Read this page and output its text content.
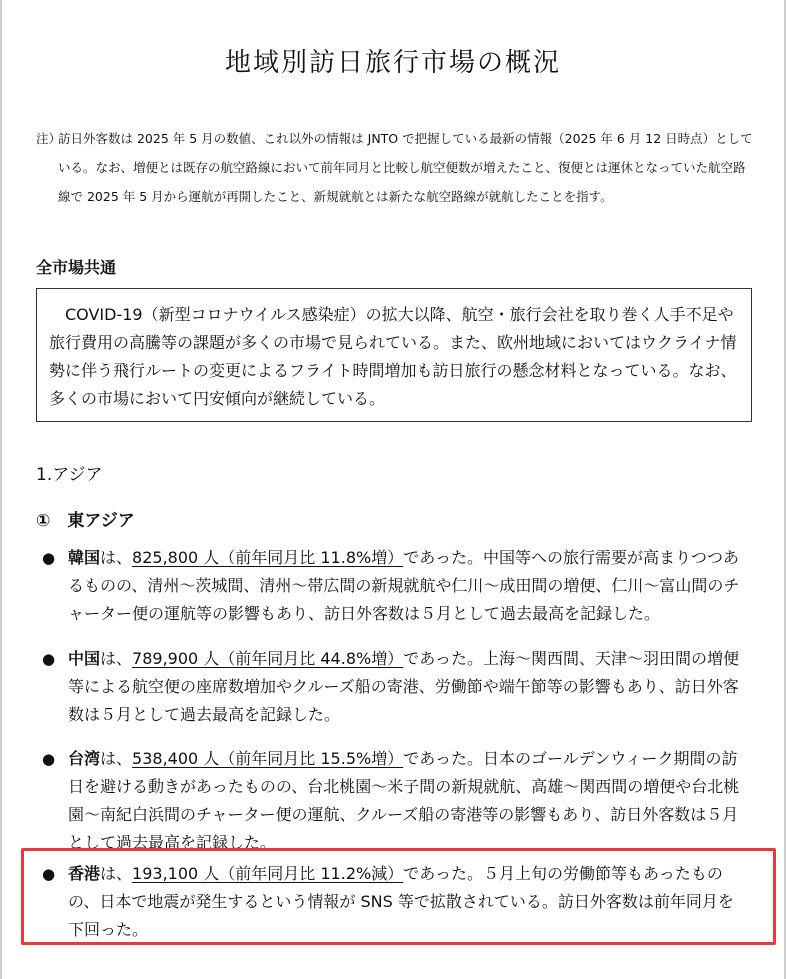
地域別訪日旅行市場の概況
注）
訪日外客数は 2025 年 5 月の数値、これ以外の情報は JNTO で把握している最新の情報（2025 年 6 月 12 日時点）としている。なお、増便とは既存の航空路線において前年同月と比較し航空便数が増えたこと、復便とは運休となっていた航空路線で 2025 年 5 月から運航が再開したこと、新規就航とは新たな航空路線が就航したことを指す。
全市場共通
COVID-19（新型コロナウイルス感染症）の拡大以降、航空・旅行会社を取り巻く人手不足や旅行費用の高騰等の課題が多くの市場で見られている。また、欧州地域においてはウクライナ情勢に伴う飛行ルートの変更によるフライト時間増加も訪日旅行の懸念材料となっている。なお、多くの市場において円安傾向が継続している。
1.アジア
①　東アジア
● 韓国は、825,800 人（前年同月比 11.8%増）であった。中国等への旅行需要が高まりつつあるものの、清州～茨城間、清州～帯広間の新規就航や仁川～成田間の増便、仁川～富山間のチャーター便の運航等の影響もあり、訪日外客数は５月として過去最高を記録した。
● 中国は、789,900 人（前年同月比 44.8%増）であった。上海～関西間、天津～羽田間の増便等による航空便の座席数増加やクルーズ船の寄港、労働節や端午節等の影響もあり、訪日外客数は５月として過去最高を記録した。
● 台湾は、538,400 人（前年同月比 15.5%増）であった。日本のゴールデンウィーク期間の訪日を避ける動きがあったものの、台北桃園～米子間の新規就航、高雄～関西間の増便や台北桃園～南紀白浜間のチャーター便の運航、クルーズ船の寄港等の影響もあり、訪日外客数は５月として過去最高を記録した。
● 香港は、193,100 人（前年同月比 11.2%減）であった。５月上旬の労働節等もあったものの、日本で地震が発生するという情報が SNS 等で拡散されている。訪日外客数は前年同月を下回った。
